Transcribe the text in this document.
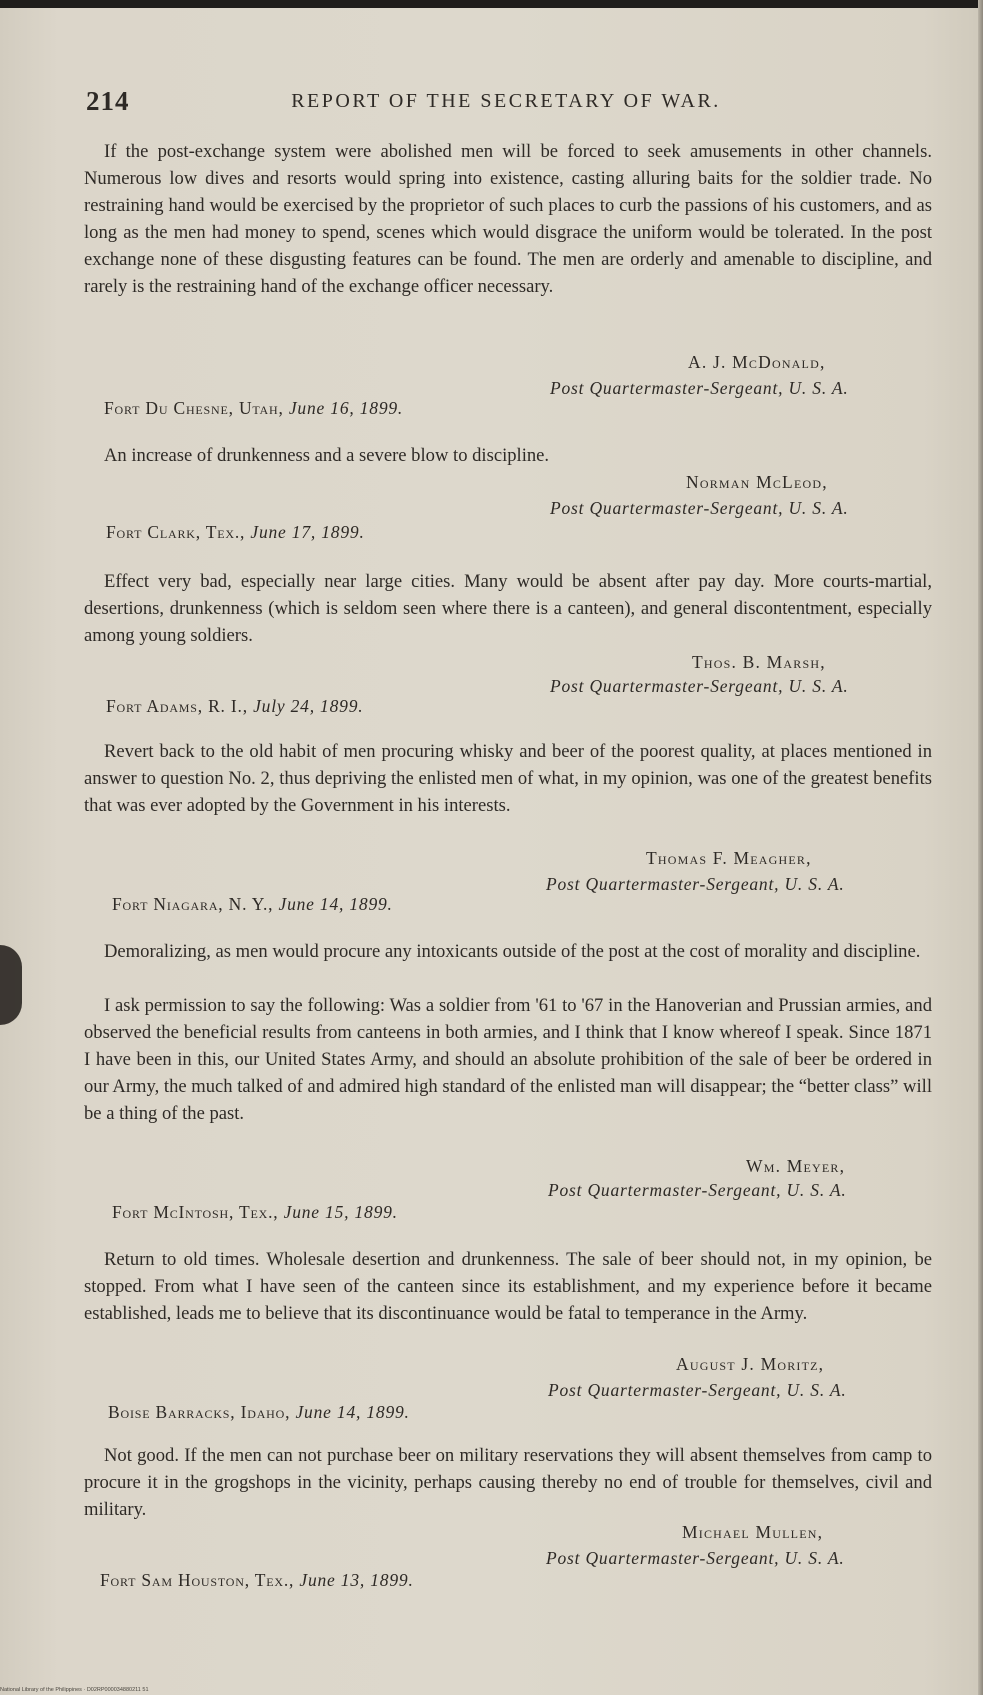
214	REPORT OF THE SECRETARY OF WAR.
If the post-exchange system were abolished men will be forced to seek amusements in other channels. Numerous low dives and resorts would spring into existence, casting alluring baits for the soldier trade. No restraining hand would be exercised by the proprietor of such places to curb the passions of his customers, and as long as the men had money to spend, scenes which would disgrace the uniform would be tolerated. In the post exchange none of these disgusting features can be found. The men are orderly and amenable to discipline, and rarely is the restraining hand of the exchange officer necessary.
A. J. McDonald,
Post Quartermaster-Sergeant, U. S. A.
Fort Du Chesne, Utah, June 16, 1899.
An increase of drunkenness and a severe blow to discipline.
Norman McLeod,
Post Quartermaster-Sergeant, U. S. A.
Fort Clark, Tex., June 17, 1899.
Effect very bad, especially near large cities. Many would be absent after pay day. More courts-martial, desertions, drunkenness (which is seldom seen where there is a canteen), and general discontentment, especially among young soldiers.
Thos. B. Marsh,
Post Quartermaster-Sergeant, U. S. A.
Fort Adams, R. I., July 24, 1899.
Revert back to the old habit of men procuring whisky and beer of the poorest quality, at places mentioned in answer to question No. 2, thus depriving the enlisted men of what, in my opinion, was one of the greatest benefits that was ever adopted by the Government in his interests.
Thomas F. Meagher,
Post Quartermaster-Sergeant, U. S. A.
Fort Niagara, N. Y., June 14, 1899.
Demoralizing, as men would procure any intoxicants outside of the post at the cost of morality and discipline.
I ask permission to say the following: Was a soldier from '61 to '67 in the Hanoverian and Prussian armies, and observed the beneficial results from canteens in both armies, and I think that I know whereof I speak. Since 1871 I have been in this, our United States Army, and should an absolute prohibition of the sale of beer be ordered in our Army, the much talked of and admired high standard of the enlisted man will disappear; the “better class” will be a thing of the past.
Wm. Meyer,
Post Quartermaster-Sergeant, U. S. A.
Fort McIntosh, Tex., June 15, 1899.
Return to old times. Wholesale desertion and drunkenness. The sale of beer should not, in my opinion, be stopped. From what I have seen of the canteen since its establishment, and my experience before it became established, leads me to believe that its discontinuance would be fatal to temperance in the Army.
August J. Moritz,
Post Quartermaster-Sergeant, U. S. A.
Boise Barracks, Idaho, June 14, 1899.
Not good. If the men can not purchase beer on military reservations they will absent themselves from camp to procure it in the grogshops in the vicinity, perhaps causing thereby no end of trouble for themselves, civil and military.
Michael Mullen,
Post Quartermaster-Sergeant, U. S. A.
Fort Sam Houston, Tex., June 13, 1899.
National Library of the Philippines · D02RP000034880211 51
